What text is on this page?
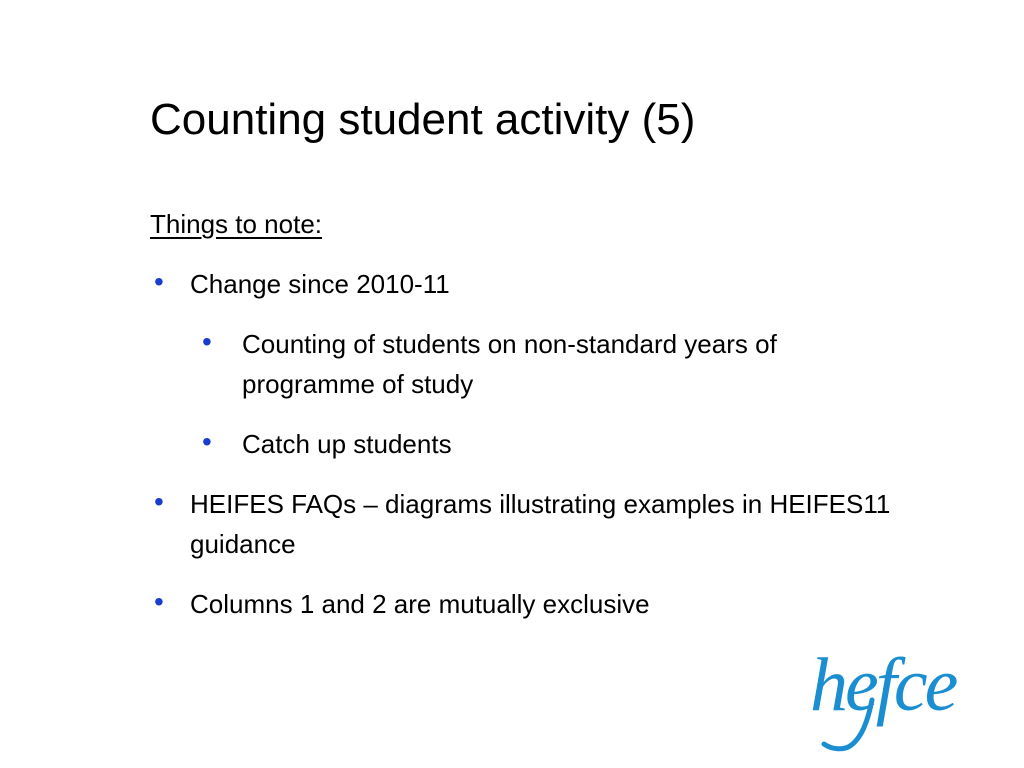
Counting student activity (5)
Things to note:
• Change since 2010-11
• Counting of students on non-standard years of programme of study
• Catch up students
• HEIFES FAQs – diagrams illustrating examples in HEIFES11 guidance
• Columns 1 and 2 are mutually exclusive
hefce
